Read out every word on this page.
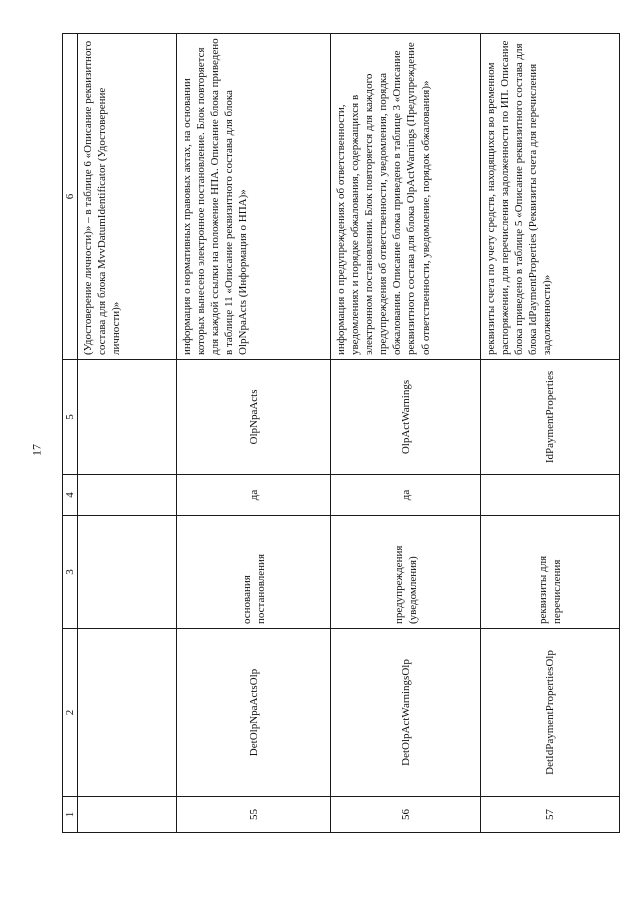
17
1	2	3	4	5	6
					(Удостоверение личности)» – в таблице 6 «Описание реквизитного состава для блока MvvDatumIdentificator (Удостоверение личности)»
55	DetOlpNpaActsOlp	основания постановления	да	OlpNpaActs	информация о нормативных правовых актах, на основании которых вынесено электронное постановление. Блок повторяется для каждой ссылки на положение НПА. Описание блока приведено в таблице 11 «Описание реквизитного состава для блока OlpNpaActs (Информация о НПА)»
56	DetOlpActWarningsOlp	предупреждения (уведомления)	да	OlpActWarnings	информация о предупреждениях об ответственности, уведомлениях и порядке обжалования, содержащихся в электронном постановлении. Блок повторяется для каждого предупреждения об ответственности, уведомления, порядка обжалования. Описание блока приведено в таблице 3 «Описание реквизитного состава для блока OlpActWarnings (Предупреждение об ответственности, уведомление, порядок обжалования)»
57	DetIdPaymentPropertiesOlp	реквизиты для перечисления		IdPaymentProperties	реквизиты счета по учету средств, находящихся во временном распоряжении, для перечисления задолженности по ИП. Описание блока приведено в таблице 5 «Описание реквизитного состава для блока IdPaymentProperties (Реквизиты счета для перечисления задолженности)»
